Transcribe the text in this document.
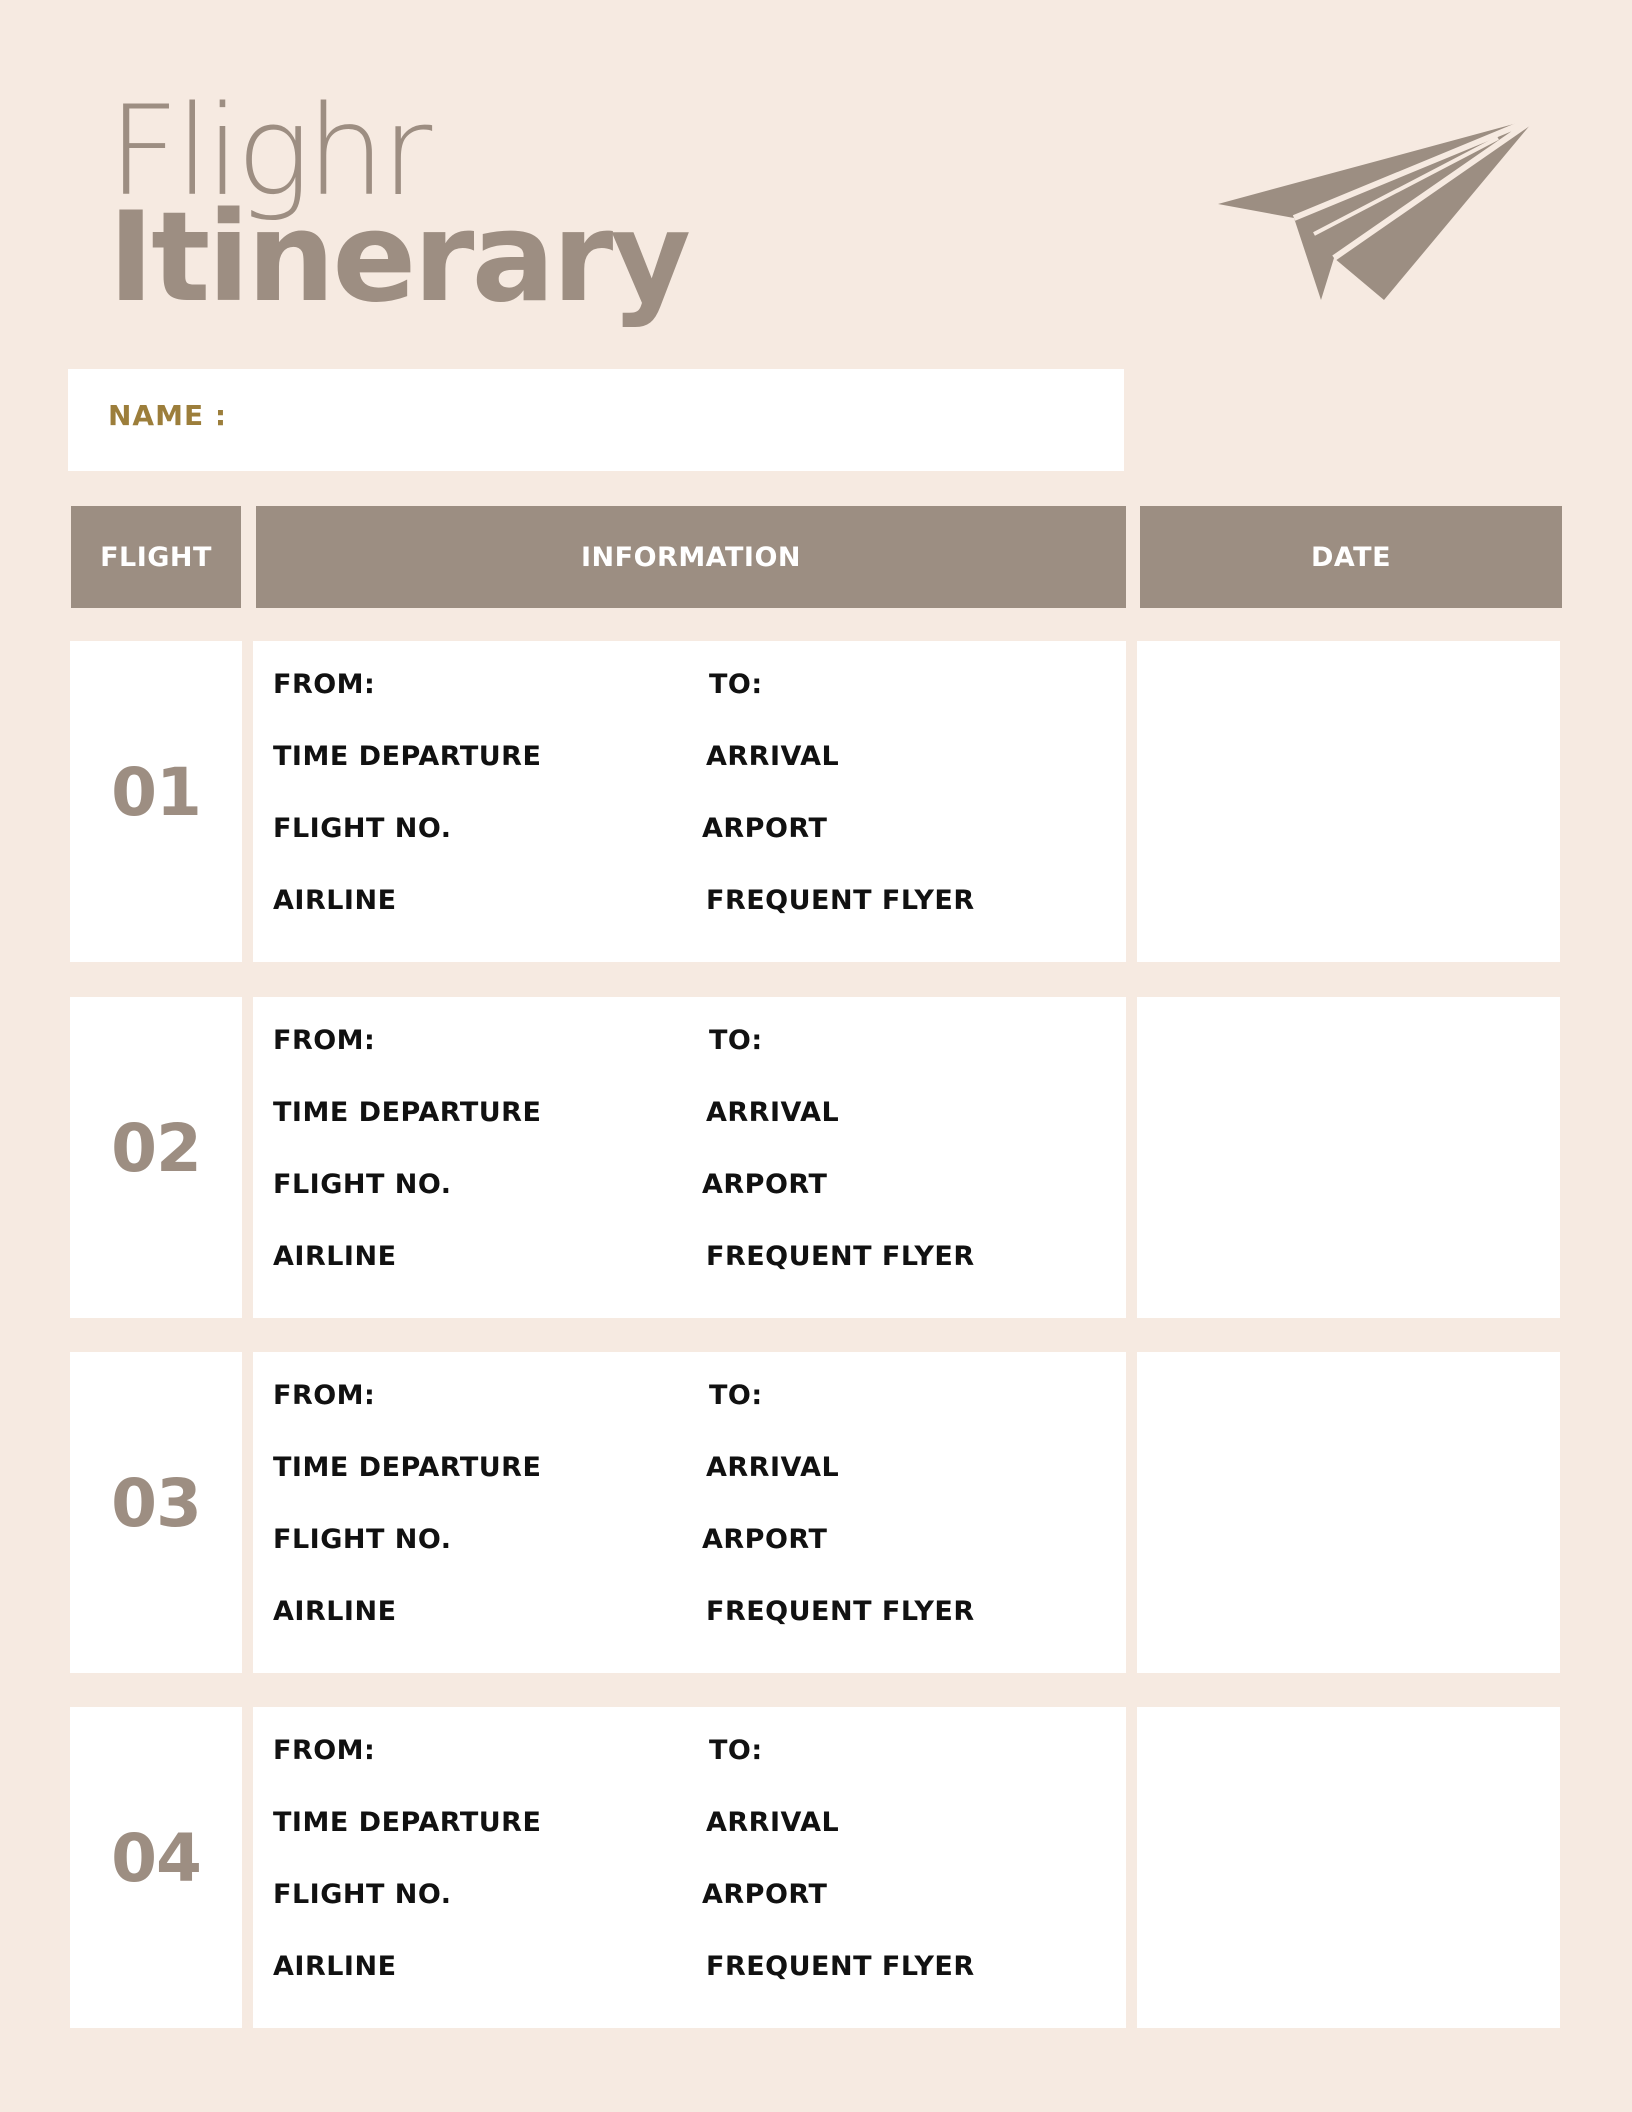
Flighr
Itinerary
NAME :
FLIGHT	INFORMATION	DATE
01
FROM:	TO:
TIME DEPARTURE	ARRIVAL
FLIGHT NO.	ARPORT
AIRLINE	FREQUENT FLYER
02
FROM:	TO:
TIME DEPARTURE	ARRIVAL
FLIGHT NO.	ARPORT
AIRLINE	FREQUENT FLYER
03
FROM:	TO:
TIME DEPARTURE	ARRIVAL
FLIGHT NO.	ARPORT
AIRLINE	FREQUENT FLYER
04
FROM:	TO:
TIME DEPARTURE	ARRIVAL
FLIGHT NO.	ARPORT
AIRLINE	FREQUENT FLYER
